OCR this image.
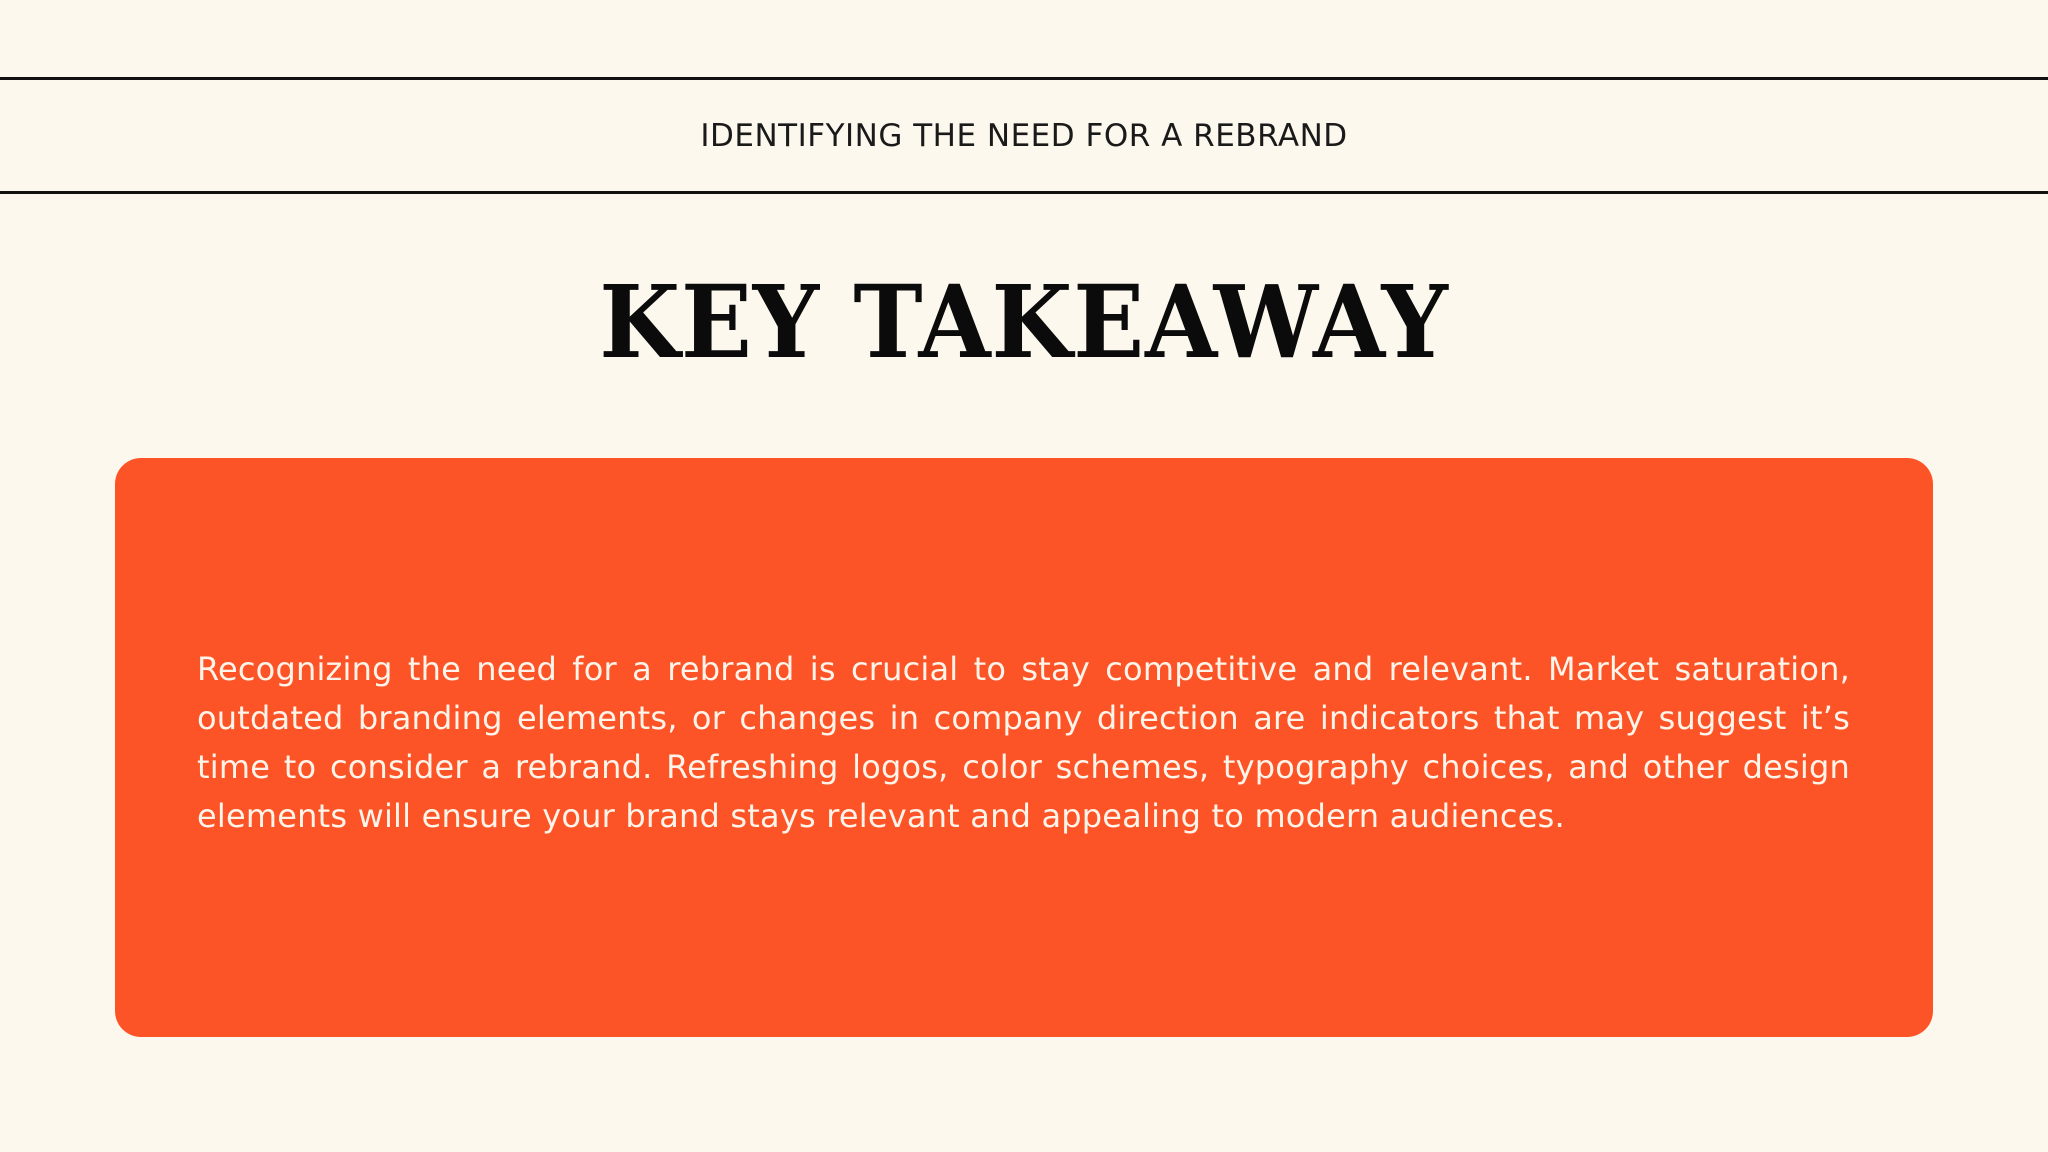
IDENTIFYING THE NEED FOR A REBRAND
KEY TAKEAWAY

Recognizing the need for a rebrand is crucial to stay competitive and relevant. Market saturation, outdated branding elements, or changes in company direction are indicators that may suggest it’s time to consider a rebrand. Refreshing logos, color schemes, typography choices, and other design elements will ensure your brand stays relevant and appealing to modern audiences.
